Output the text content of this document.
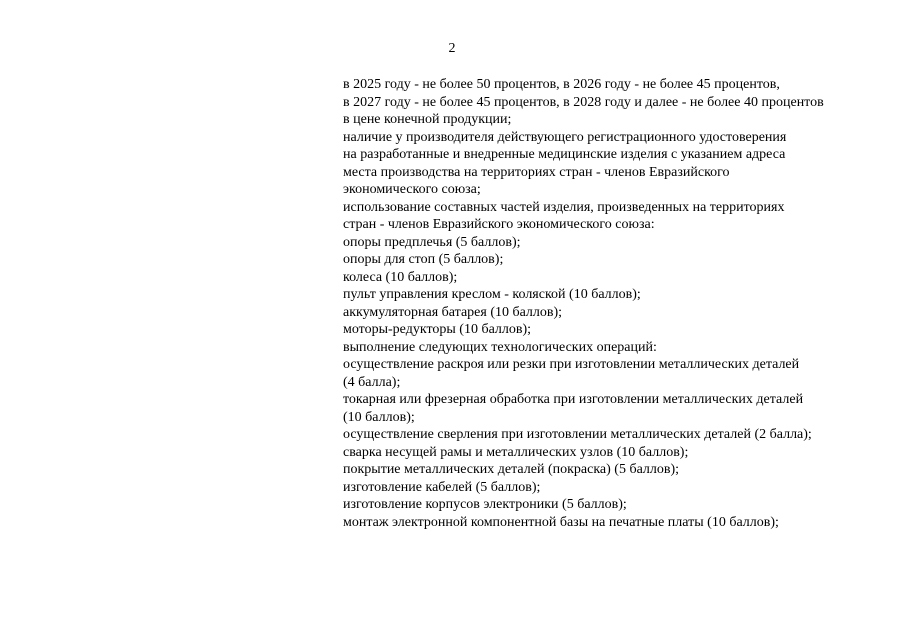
2
в 2025 году - не более 50 процентов, в 2026 году - не более 45 процентов,
в 2027 году - не более 45 процентов, в 2028 году и далее - не более 40 процентов
в цене конечной продукции;
наличие у производителя действующего регистрационного удостоверения
на разработанные и внедренные медицинские изделия с указанием адреса
места производства на территориях стран - членов Евразийского
экономического союза;
использование составных частей изделия, произведенных на территориях
стран - членов Евразийского экономического союза:
опоры предплечья (5 баллов);
опоры для стоп (5 баллов);
колеса (10 баллов);
пульт управления креслом - коляской (10 баллов);
аккумуляторная батарея (10 баллов);
моторы-редукторы (10 баллов);
выполнение следующих технологических операций:
осуществление раскроя или резки при изготовлении металлических деталей
(4 балла);
токарная или фрезерная обработка при изготовлении металлических деталей
(10 баллов);
осуществление сверления при изготовлении металлических деталей (2 балла);
сварка несущей рамы и металлических узлов (10 баллов);
покрытие металлических деталей (покраска) (5 баллов);
изготовление кабелей (5 баллов);
изготовление корпусов электроники (5 баллов);
монтаж электронной компонентной базы на печатные платы (10 баллов);
